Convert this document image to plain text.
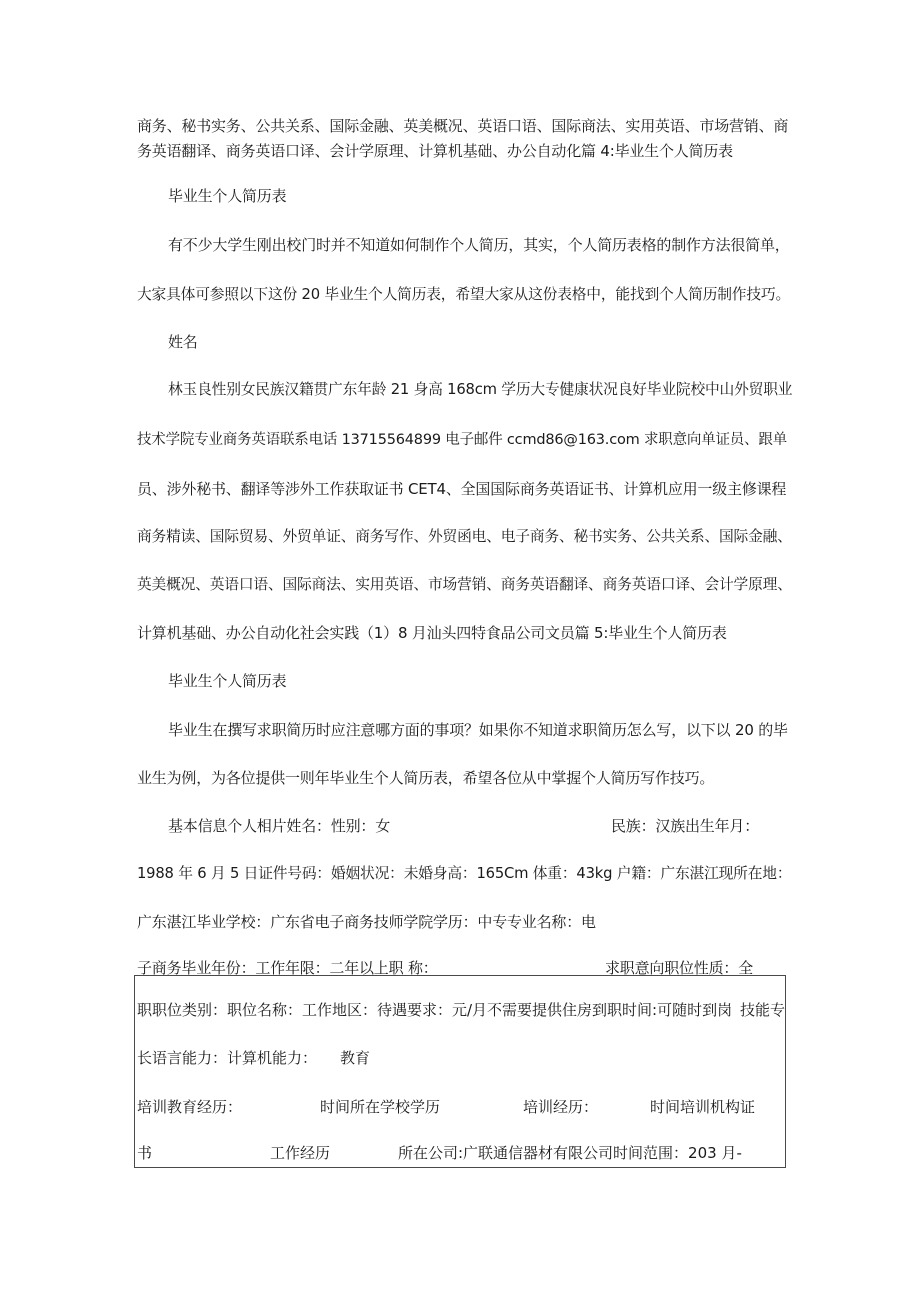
商务、秘书实务、公共关系、国际金融、英美概况、英语口语、国际商法、实用英语、市场营销、商
务英语翻译、商务英语口译、会计学原理、计算机基础、办公自动化篇 4:毕业生个人简历表
毕业生个人简历表
有不少大学生刚出校门时并不知道如何制作个人简历，其实，个人简历表格的制作方法很简单，
大家具体可参照以下这份 20 毕业生个人简历表，希望大家从这份表格中，能找到个人简历制作技巧。
姓名
林玉良性别女民族汉籍贯广东年龄 21 身高 168cm 学历大专健康状况良好毕业院校中山外贸职业
技术学院专业商务英语联系电话 13715564899 电子邮件 ccmd86@163.com 求职意向单证员、跟单
员、涉外秘书、翻译等涉外工作获取证书 CET4、全国国际商务英语证书、计算机应用一级主修课程
商务精读、国际贸易、外贸单证、商务写作、外贸函电、电子商务、秘书实务、公共关系、国际金融、
英美概况、英语口语、国际商法、实用英语、市场营销、商务英语翻译、商务英语口译、会计学原理、
计算机基础、办公自动化社会实践（1）8 月汕头四特食品公司文员篇 5:毕业生个人简历表
毕业生个人简历表
毕业生在撰写求职简历时应注意哪方面的事项？如果你不知道求职简历怎么写，以下以 20 的毕
业生为例，为各位提供一则年毕业生个人简历表，希望各位从中掌握个人简历写作技巧。
基本信息个人相片姓名：性别：女	民族：汉族出生年月：
1988 年 6 月 5 日证件号码：婚姻状况：未婚身高：165Cm 体重：43kg 户籍：广东湛江现所在地：
广东湛江毕业学校：广东省电子商务技师学院学历：中专专业名称：电
子商务毕业年份：工作年限：二年以上职 称：	求职意向职位性质：全
职职位类别：职位名称：工作地区：待遇要求：元/月不需要提供住房到职时间:可随时到岗 技能专
长语言能力：计算机能力： 教育
培训教育经历：	时间所在学校学历	培训经历：	时间培训机构证
书	工作经历	所在公司:广联通信器材有限公司时间范围：203 月-
